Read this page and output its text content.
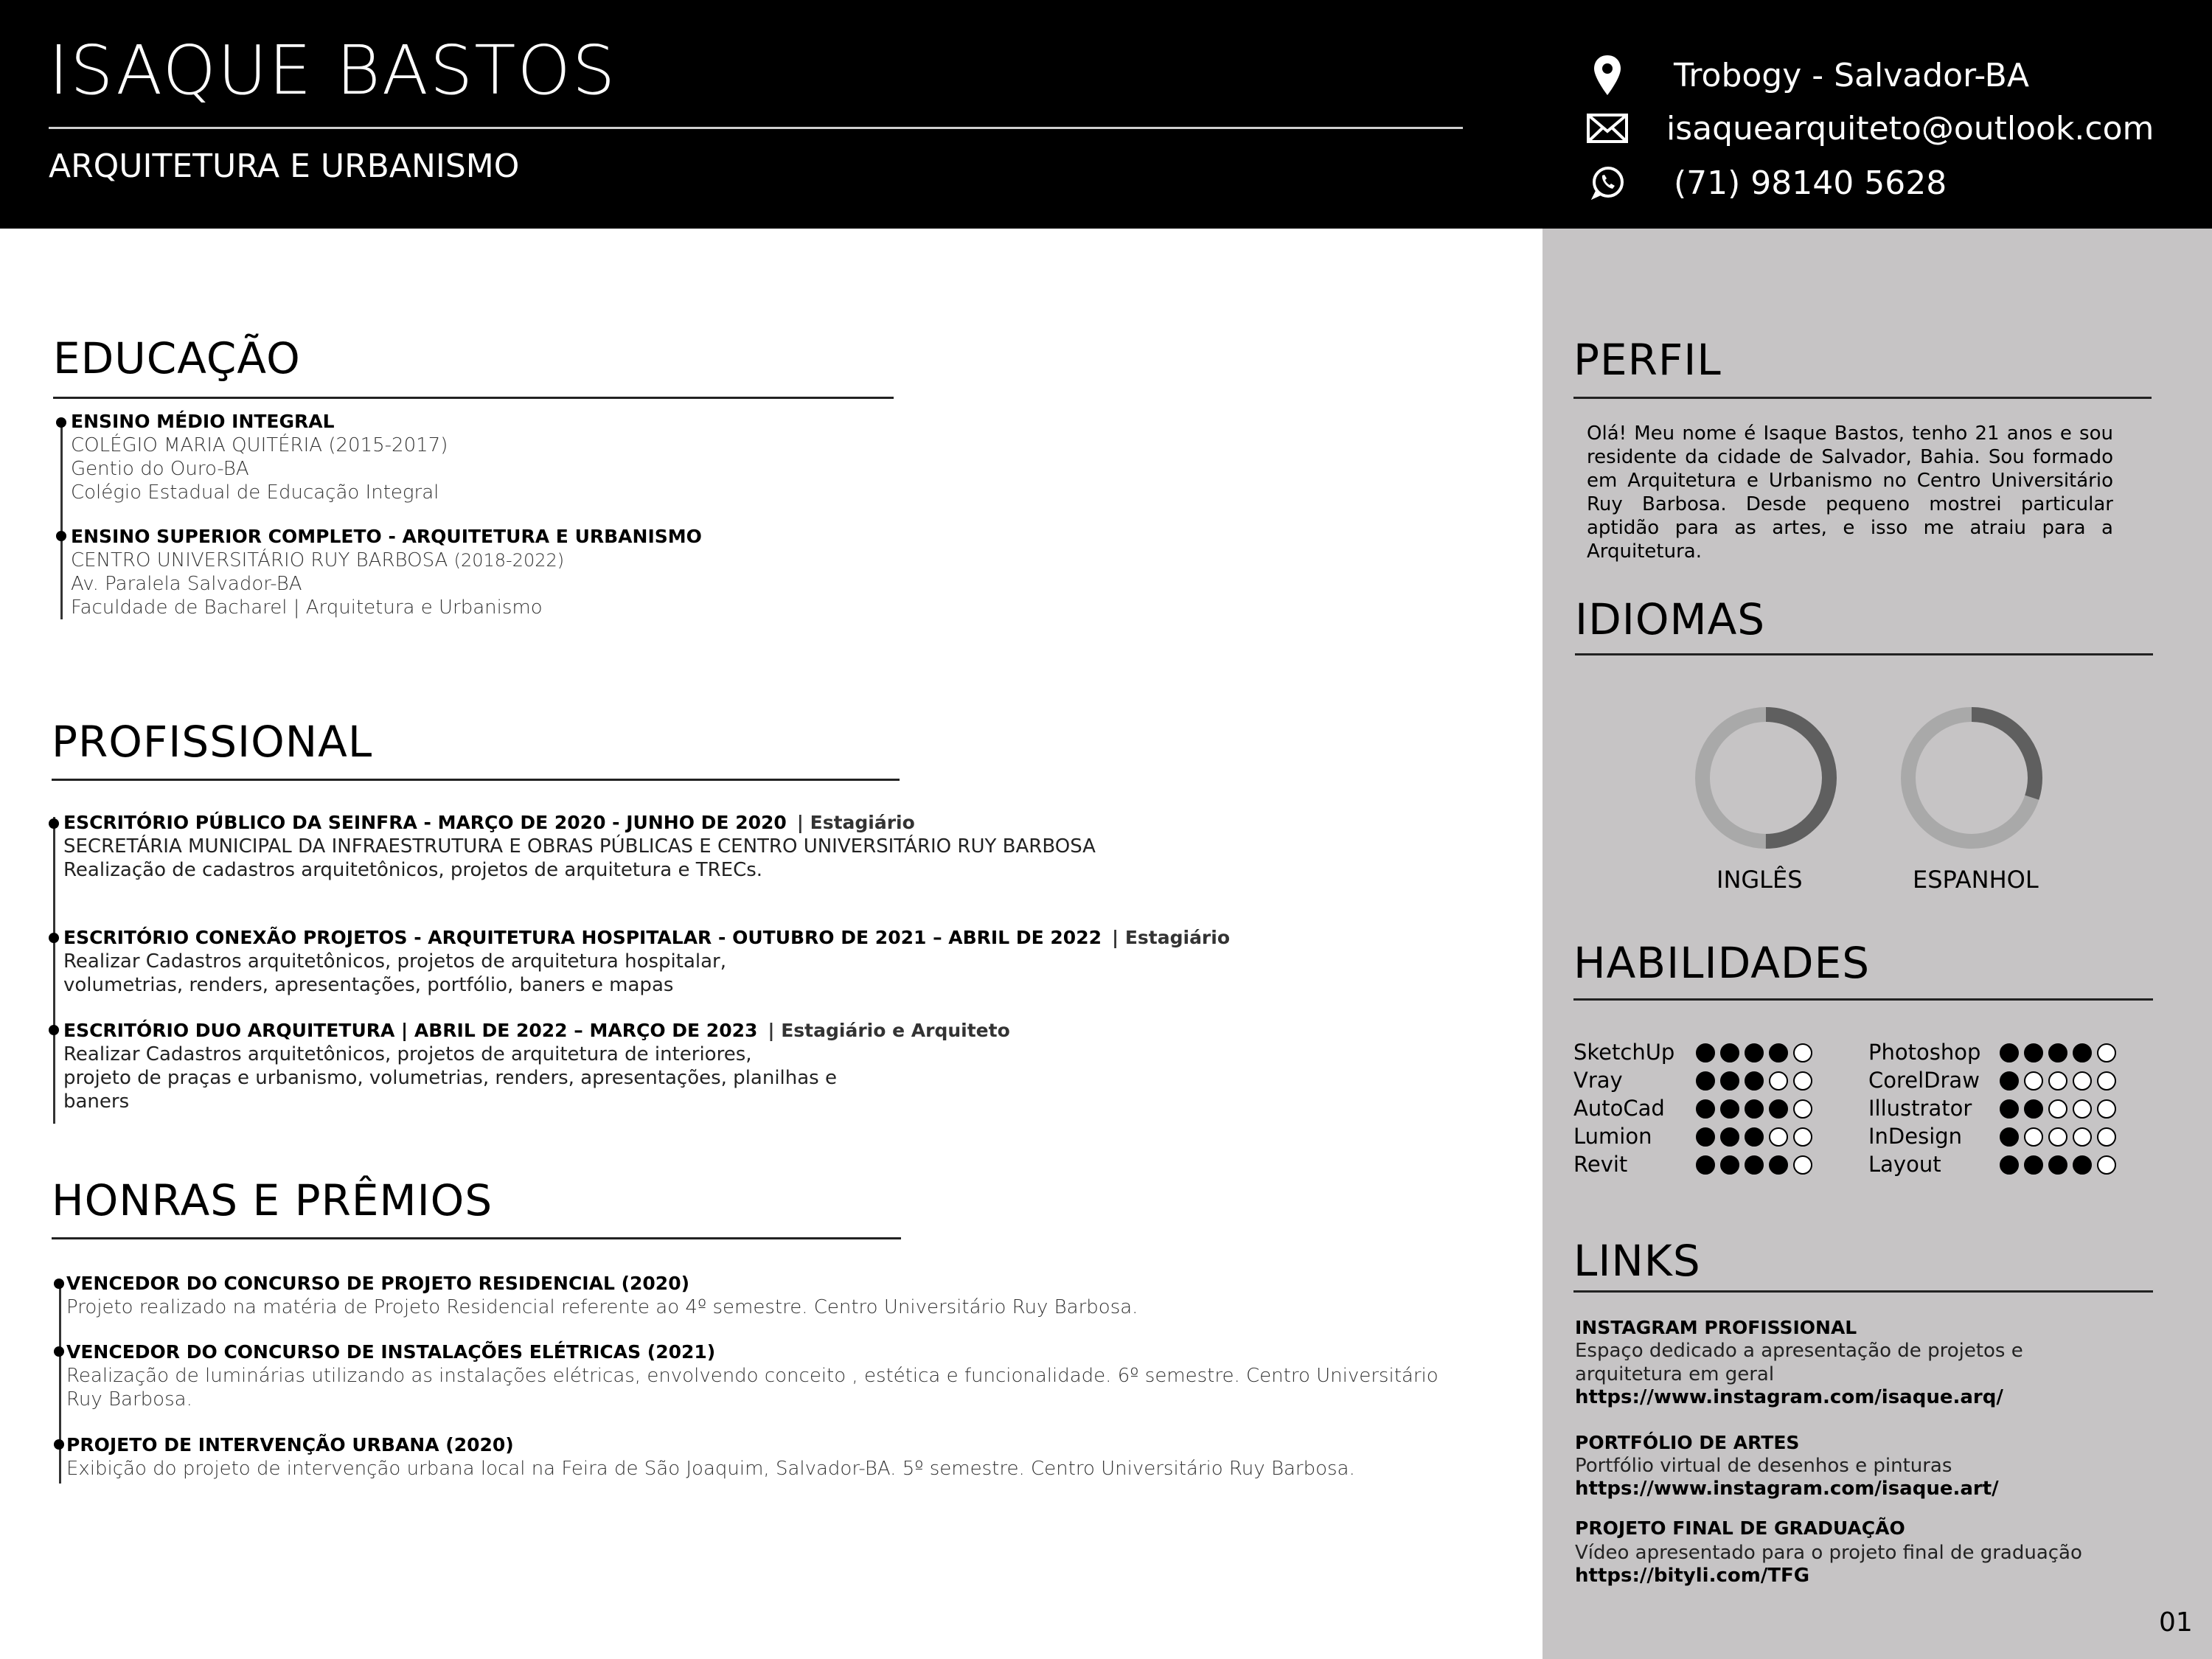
ISAQUE BASTOS
ARQUITETURA E URBANISMO
Trobogy - Salvador-BA
isaquearquiteto@outlook.com
(71) 98140 5628
EDUCAÇÃO
ENSINO MÉDIO INTEGRAL
COLÉGIO MARIA QUITÉRIA (2015-2017)
Gentio do Ouro-BA
Colégio Estadual de Educação Integral
ENSINO SUPERIOR COMPLETO - ARQUITETURA E URBANISMO
CENTRO UNIVERSITÁRIO RUY BARBOSA (2018-2022)
Av. Paralela Salvador-BA
Faculdade de Bacharel | Arquitetura e Urbanismo
PROFISSIONAL
ESCRITÓRIO PÚBLICO DA SEINFRA - MARÇO DE 2020 - JUNHO DE 2020 | Estagiário
SECRETÁRIA MUNICIPAL DA INFRAESTRUTURA E OBRAS PÚBLICAS E CENTRO UNIVERSITÁRIO RUY BARBOSA
Realização de cadastros arquitetônicos, projetos de arquitetura e TRECs.
ESCRITÓRIO CONEXÃO PROJETOS - ARQUITETURA HOSPITALAR - OUTUBRO DE 2021 – ABRIL DE 2022 | Estagiário
Realizar Cadastros arquitetônicos, projetos de arquitetura hospitalar,
volumetrias, renders, apresentações, portfólio, baners e mapas
ESCRITÓRIO DUO ARQUITETURA | ABRIL DE 2022 – MARÇO DE 2023 | Estagiário e Arquiteto
Realizar Cadastros arquitetônicos, projetos de arquitetura de interiores,
projeto de praças e urbanismo, volumetrias, renders, apresentações, planilhas e
baners
HONRAS E PRÊMIOS
VENCEDOR DO CONCURSO DE PROJETO RESIDENCIAL (2020)
Projeto realizado na matéria de Projeto Residencial referente ao 4º semestre. Centro Universitário Ruy Barbosa.
VENCEDOR DO CONCURSO DE INSTALAÇÕES ELÉTRICAS (2021)
Realização de luminárias utilizando as instalações elétricas, envolvendo conceito , estética e funcionalidade. 6º semestre. Centro Universitário
Ruy Barbosa.
PROJETO DE INTERVENÇÃO URBANA (2020)
Exibição do projeto de intervenção urbana local na Feira de São Joaquim, Salvador-BA. 5º semestre. Centro Universitário Ruy Barbosa.
PERFIL
Olá! Meu nome é Isaque Bastos, tenho 21 anos e sou residente da cidade de Salvador, Bahia. Sou formado em Arquitetura e Urbanismo no Centro Universitário Ruy Barbosa. Desde pequeno mostrei particular aptidão para as artes, e isso me atraiu para a Arquitetura.
IDIOMAS
INGLÊS	ESPANHOL
HABILIDADES
SketchUp
Vray
AutoCad
Lumion
Revit
Photoshop
CorelDraw
Illustrator
InDesign
Layout
LINKS
INSTAGRAM PROFISSIONAL
Espaço dedicado a apresentação de projetos e arquitetura em geral
https://www.instagram.com/isaque.arq/
PORTFÓLIO DE ARTES
Portfólio virtual de desenhos e pinturas
https://www.instagram.com/isaque.art/
PROJETO FINAL DE GRADUAÇÃO
Vídeo apresentado para o projeto final de graduação
https://bityli.com/TFG
01
